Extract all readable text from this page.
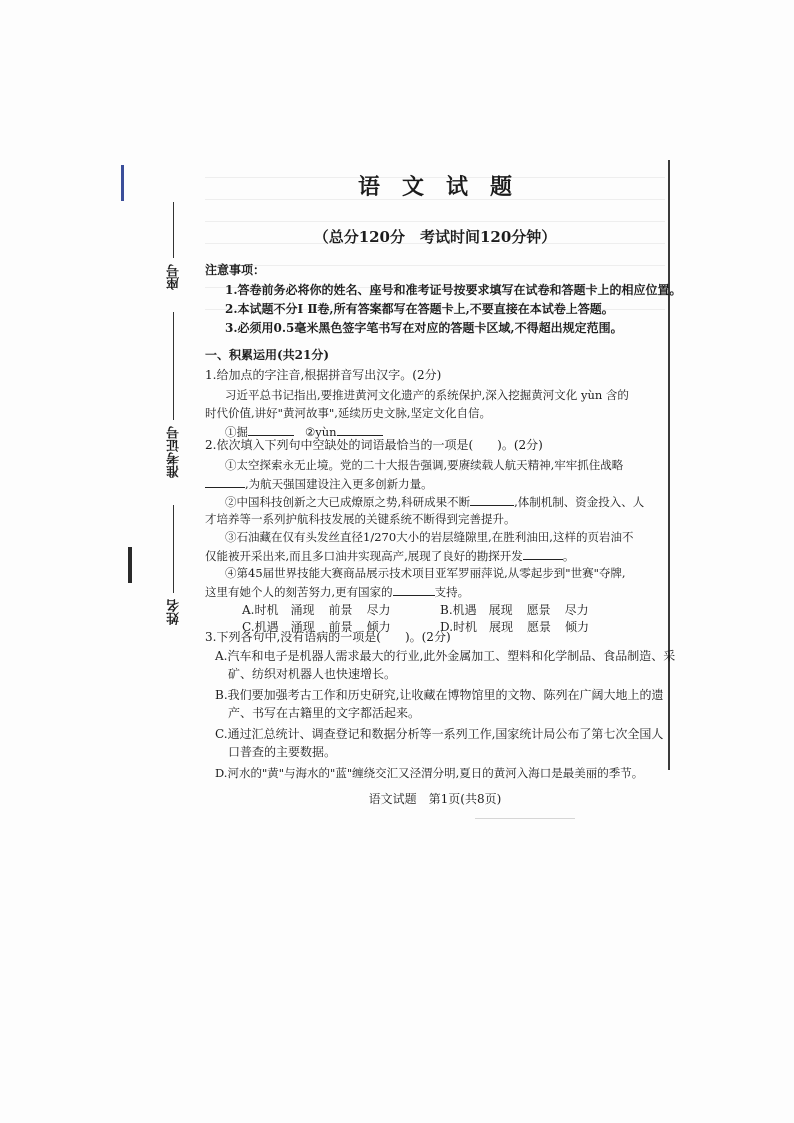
座号
准考证号
姓名
语文试题
（总分120分　考试时间120分钟）
注意事项：
1.答卷前务必将你的姓名、座号和准考证号按要求填写在试卷和答题卡上的相应位置。
2.本试题不分Ⅰ Ⅱ卷,所有答案都写在答题卡上,不要直接在本试卷上答题。
3.必须用0.5毫米黑色签字笔书写在对应的答题卡区域,不得超出规定范围。
一、积累运用(共21分)
1.给加点的字注音,根据拼音写出汉字。(2分)
习近平总书记指出,要推进黄河文化遗产的系统保护,深入挖掘黄河文化 yùn 含的
时代价值,讲好"黄河故事",延续历史文脉,坚定文化自信。
①掘	②yùn
2.依次填入下列句中空缺处的词语最恰当的一项是(　　)。(2分)
①太空探索永无止境。党的二十大报告强调,要赓续载人航天精神,牢牢抓住战略
,为航天强国建设注入更多创新力量。
②中国科技创新之大已成燎原之势,科研成果不断	,体制机制、资金投入、人
才培养等一系列护航科技发展的关键系统不断得到完善提升。
③石油藏在仅有头发丝直径1/270大小的岩层缝隙里,在胜利油田,这样的页岩油不
仅能被开采出来,而且多口油井实现高产,展现了良好的勘探开发	。
④第45届世界技能大赛商品展示技术项目亚军罗丽萍说,从零起步到"世赛"夺牌,
这里有她个人的刻苦努力,更有国家的	支持。
A.时机 涌现 前景 尽力	B.机遇 展现 愿景 尽力
C.机遇 涌现 前景 倾力	D.时机 展现 愿景 倾力
3.下列各句中,没有语病的一项是(　　)。(2分)
A.汽车和电子是机器人需求最大的行业,此外金属加工、塑料和化学制品、食品制造、采
矿、纺织对机器人也快速增长。
B.我们要加强考古工作和历史研究,让收藏在博物馆里的文物、陈列在广阔大地上的遗
产、书写在古籍里的文字都活起来。
C.通过汇总统计、调查登记和数据分析等一系列工作,国家统计局公布了第七次全国人
口普查的主要数据。
D.河水的"黄"与海水的"蓝"缠绕交汇又泾渭分明,夏日的黄河入海口是最美丽的季节。
语文试题　第1页(共8页)
